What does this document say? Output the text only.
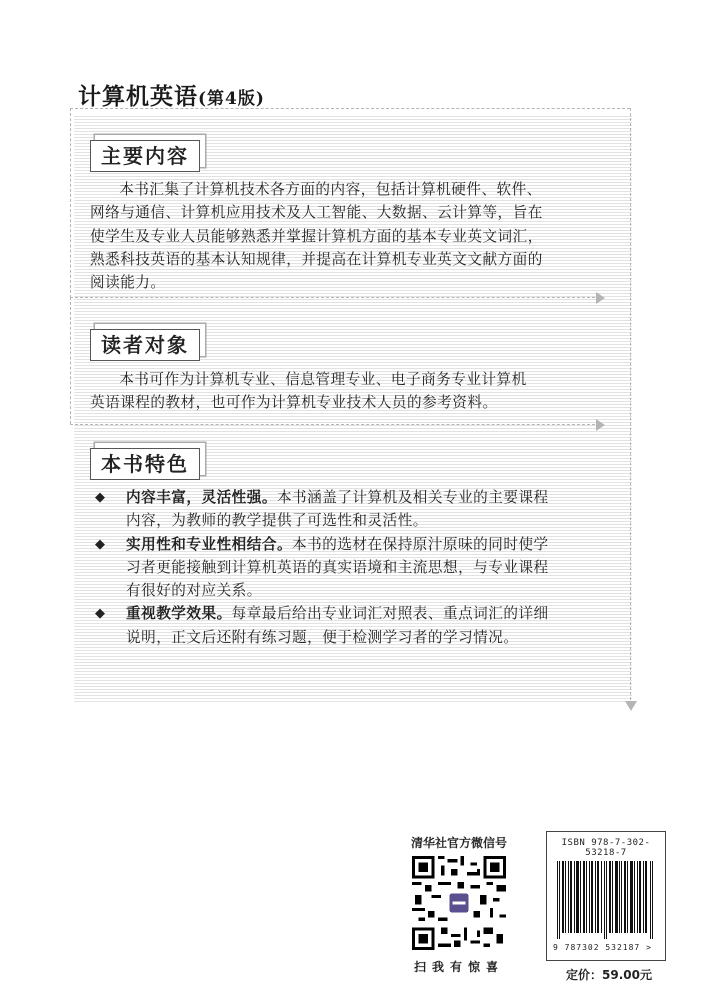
计算机英语(第4版)
主要内容
本书汇集了计算机技术各方面的内容，包括计算机硬件、软件、
网络与通信、计算机应用技术及人工智能、大数据、云计算等，旨在
使学生及专业人员能够熟悉并掌握计算机方面的基本专业英文词汇，
熟悉科技英语的基本认知规律，并提高在计算机专业英文文献方面的
阅读能力。
读者对象
本书可作为计算机专业、信息管理专业、电子商务专业计算机
英语课程的教材，也可作为计算机专业技术人员的参考资料。
本书特色
◆ 内容丰富，灵活性强。本书涵盖了计算机及相关专业的主要课程
内容，为教师的教学提供了可选性和灵活性。
◆ 实用性和专业性相结合。本书的选材在保持原汁原味的同时使学
习者更能接触到计算机英语的真实语境和主流思想，与专业课程
有很好的对应关系。
◆ 重视教学效果。每章最后给出专业词汇对照表、重点词汇的详细
说明，正文后还附有练习题，便于检测学习者的学习情况。
清华社官方微信号
扫我有惊喜
ISBN 978-7-302-53218-7
9 787302 532187 >
定价：59.00元
